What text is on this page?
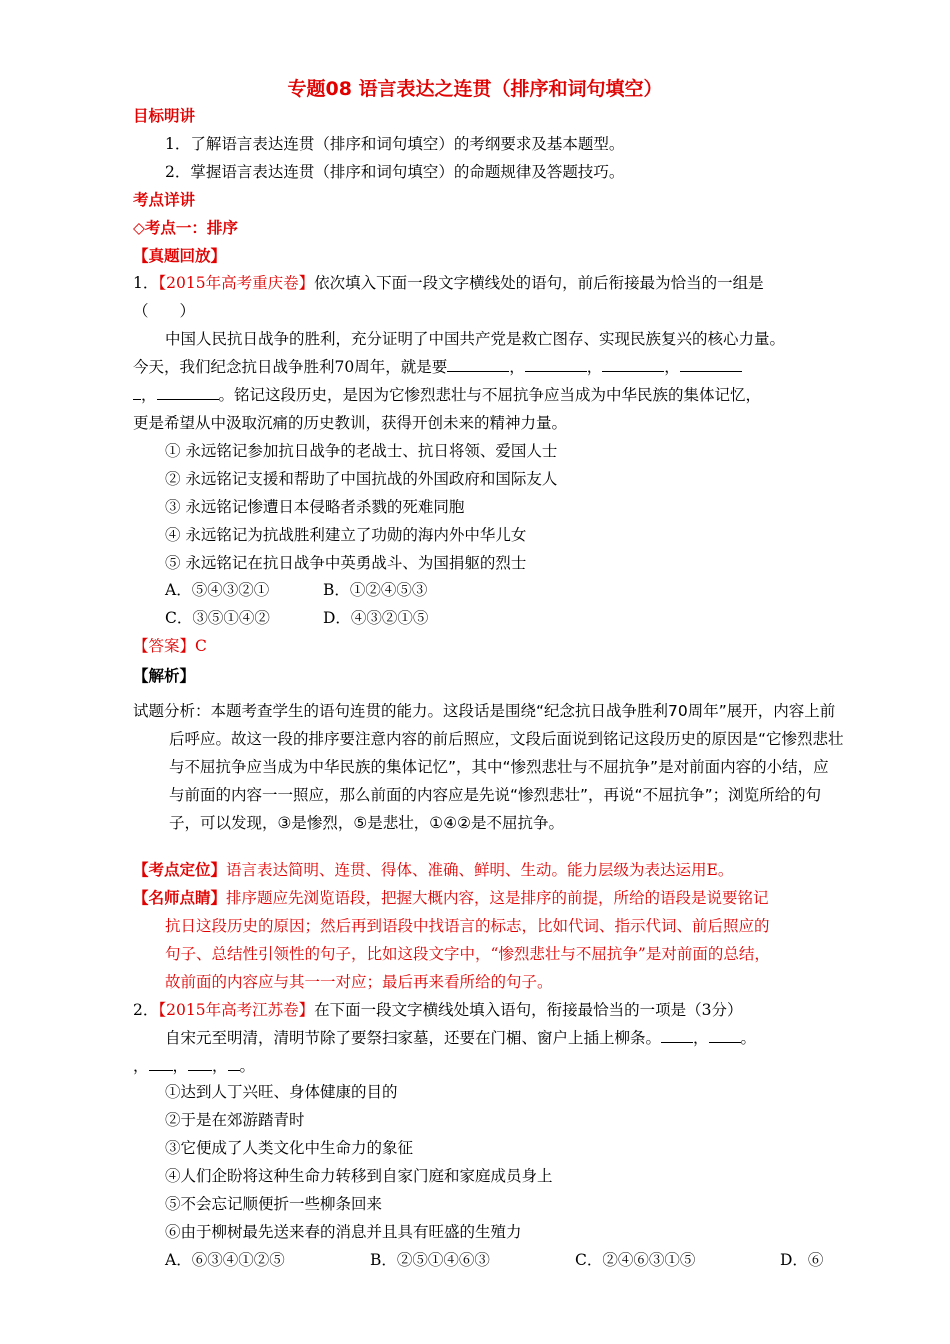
专题08 语言表达之连贯（排序和词句填空）
目标明讲
1．了解语言表达连贯（排序和词句填空）的考纲要求及基本题型。
2．掌握语言表达连贯（排序和词句填空）的命题规律及答题技巧。
考点详讲
◇考点一：排序
【真题回放】
1．【2015年高考重庆卷】依次填入下面一段文字横线处的语句，前后衔接最为恰当的一组是
（　　）
中国人民抗日战争的胜利，充分证明了中国共产党是救亡图存、实现民族复兴的核心力量。
今天，我们纪念抗日战争胜利70周年，就是要	，	，	，
，	。铭记这段历史，是因为它惨烈悲壮与不屈抗争应当成为中华民族的集体记忆，
更是希望从中汲取沉痛的历史教训，获得开创未来的精神力量。
① 永远铭记参加抗日战争的老战士、抗日将领、爱国人士
② 永远铭记支援和帮助了中国抗战的外国政府和国际友人
③ 永远铭记惨遭日本侵略者杀戮的死难同胞
④ 永远铭记为抗战胜利建立了功勋的海内外中华儿女
⑤ 永远铭记在抗日战争中英勇战斗、为国捐躯的烈士
A．⑤④③②①	B．①②④⑤③
C．③⑤①④②	D．④③②①⑤
【答案】C
【解析】
试题分析：本题考查学生的语句连贯的能力。这段话是围绕“纪念抗日战争胜利70周年”展开，内容上前
后呼应。故这一段的排序要注意内容的前后照应，文段后面说到铭记这段历史的原因是“它惨烈悲壮
与不屈抗争应当成为中华民族的集体记忆”，其中“惨烈悲壮与不屈抗争”是对前面内容的小结，应
与前面的内容一一照应，那么前面的内容应是先说“惨烈悲壮”，再说“不屈抗争”；浏览所给的句
子，可以发现，③是惨烈，⑤是悲壮，①④②是不屈抗争。
【考点定位】语言表达简明、连贯、得体、准确、鲜明、生动。能力层级为表达运用E。
【名师点睛】排序题应先浏览语段，把握大概内容，这是排序的前提，所给的语段是说要铭记
抗日这段历史的原因；然后再到语段中找语言的标志，比如代词、指示代词、前后照应的
句子、总结性引领性的句子，比如这段文字中，“惨烈悲壮与不屈抗争”是对前面的总结，
故前面的内容应与其一一对应；最后再来看所给的句子。
2．【2015年高考江苏卷】在下面一段文字横线处填入语句，衔接最恰当的一项是（3分）
自宋元至明清，清明节除了要祭扫家墓，还要在门楣、窗户上插上柳条。 ， 。
， ， ， 。
①达到人丁兴旺、身体健康的目的
②于是在郊游踏青时
③它便成了人类文化中生命力的象征
④人们企盼将这种生命力转移到自家门庭和家庭成员身上
⑤不会忘记顺便折一些柳条回来
⑥由于柳树最先送来春的消息并且具有旺盛的生殖力
A．⑥③④①②⑤	B．②⑤①④⑥③	C．②④⑥③①⑤	D．⑥
